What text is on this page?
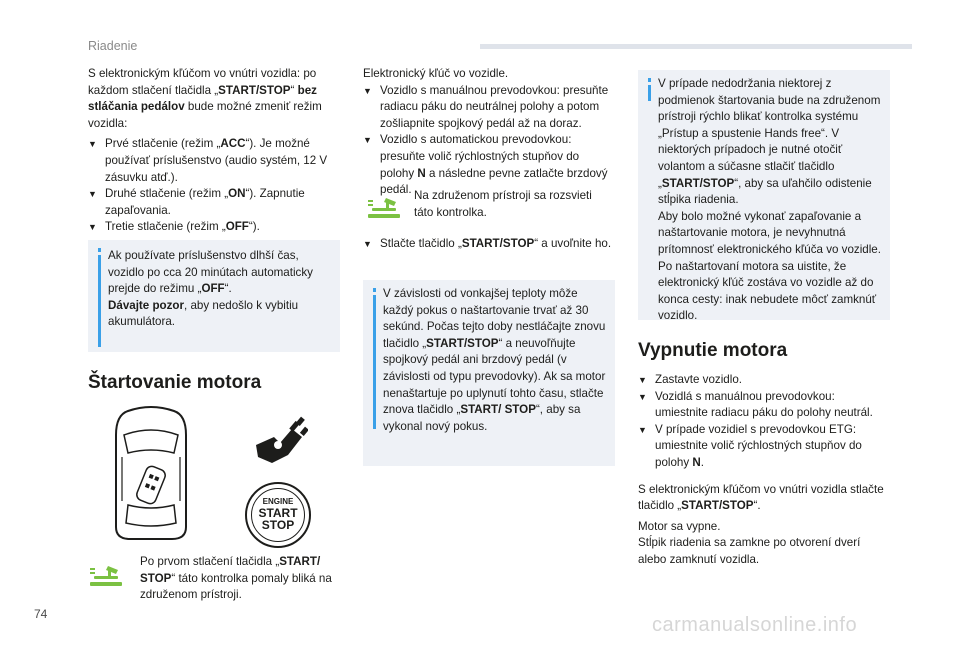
Riadenie

S elektronickým kľúčom vo vnútri vozidla: po každom stlačení tlačidla „START/STOP“ bez stláčania pedálov bude možné zmeniť režim vozidla:

▼ Prvé stlačenie (režim „ACC“). Je možné používať príslušenstvo (audio systém, 12 V zásuvku atď.).
▼ Druhé stlačenie (režim „ON“). Zapnutie zapaľovania.
▼ Tretie stlačenie (režim „OFF“).
Ak používate príslušenstvo dlhší čas, vozidlo po cca 20 minútach automaticky prejde do režimu „OFF“.
Dávajte pozor, aby nedošlo k vybitiu akumulátora.
Štartovanie motora
ENGINE
START
STOP
Po prvom stlačení tlačidla „START/ STOP“ táto kontrolka pomaly bliká na združenom prístroji.

Elektronický kľúč vo vozidle.

▼ Vozidlo s manuálnou prevodovkou: presuňte radiacu páku do neutrálnej polohy a potom zošliapnite spojkový pedál až na doraz.
▼ Vozidlo s automatickou prevodovkou: presuňte volič rýchlostných stupňov do polohy N a následne pevne zatlačte brzdový pedál. Na združenom prístroji sa rozsvieti táto kontrolka.
▼ Stlačte tlačidlo „START/STOP“ a uvoľnite ho.
V závislosti od vonkajšej teploty môže každý pokus o naštartovanie trvať až 30 sekúnd. Počas tejto doby nestláčajte znovu tlačidlo „START/STOP“ a neuvoľňujte spojkový pedál ani brzdový pedál (v závislosti od typu prevodovky). Ak sa motor nenaštartuje po uplynutí tohto času, stlačte znova tlačidlo „START/ STOP“, aby sa vykonal nový pokus.
V prípade nedodržania niektorej z podmienok štartovania bude na združenom prístroji rýchlo blikať kontrolka systému „Prístup a spustenie Hands free“. V niektorých prípadoch je nutné otočiť volantom a súčasne stlačiť tlačidlo „START/STOP“, aby sa uľahčilo odistenie stĺpika riadenia.
Aby bolo možné vykonať zapaľovanie a naštartovanie motora, je nevyhnutná prítomnosť elektronického kľúča vo vozidle. Po naštartovaní motora sa uistite, že elektronický kľúč zostáva vo vozidle až do konca cesty: inak nebudete môcť zamknúť vozidlo.
Vypnutie motora
▼ Zastavte vozidlo.
▼ Vozidlá s manuálnou prevodovkou: umiestnite radiacu páku do polohy neutrál.
▼ V prípade vozidiel s prevodovkou ETG: umiestnite volič rýchlostných stupňov do polohy N.

S elektronickým kľúčom vo vnútri vozidla stlačte tlačidlo „START/STOP“.

Motor sa vypne.

Stĺpik riadenia sa zamkne po otvorení dverí alebo zamknutí vozidla.

74	carmanualsonline.info
